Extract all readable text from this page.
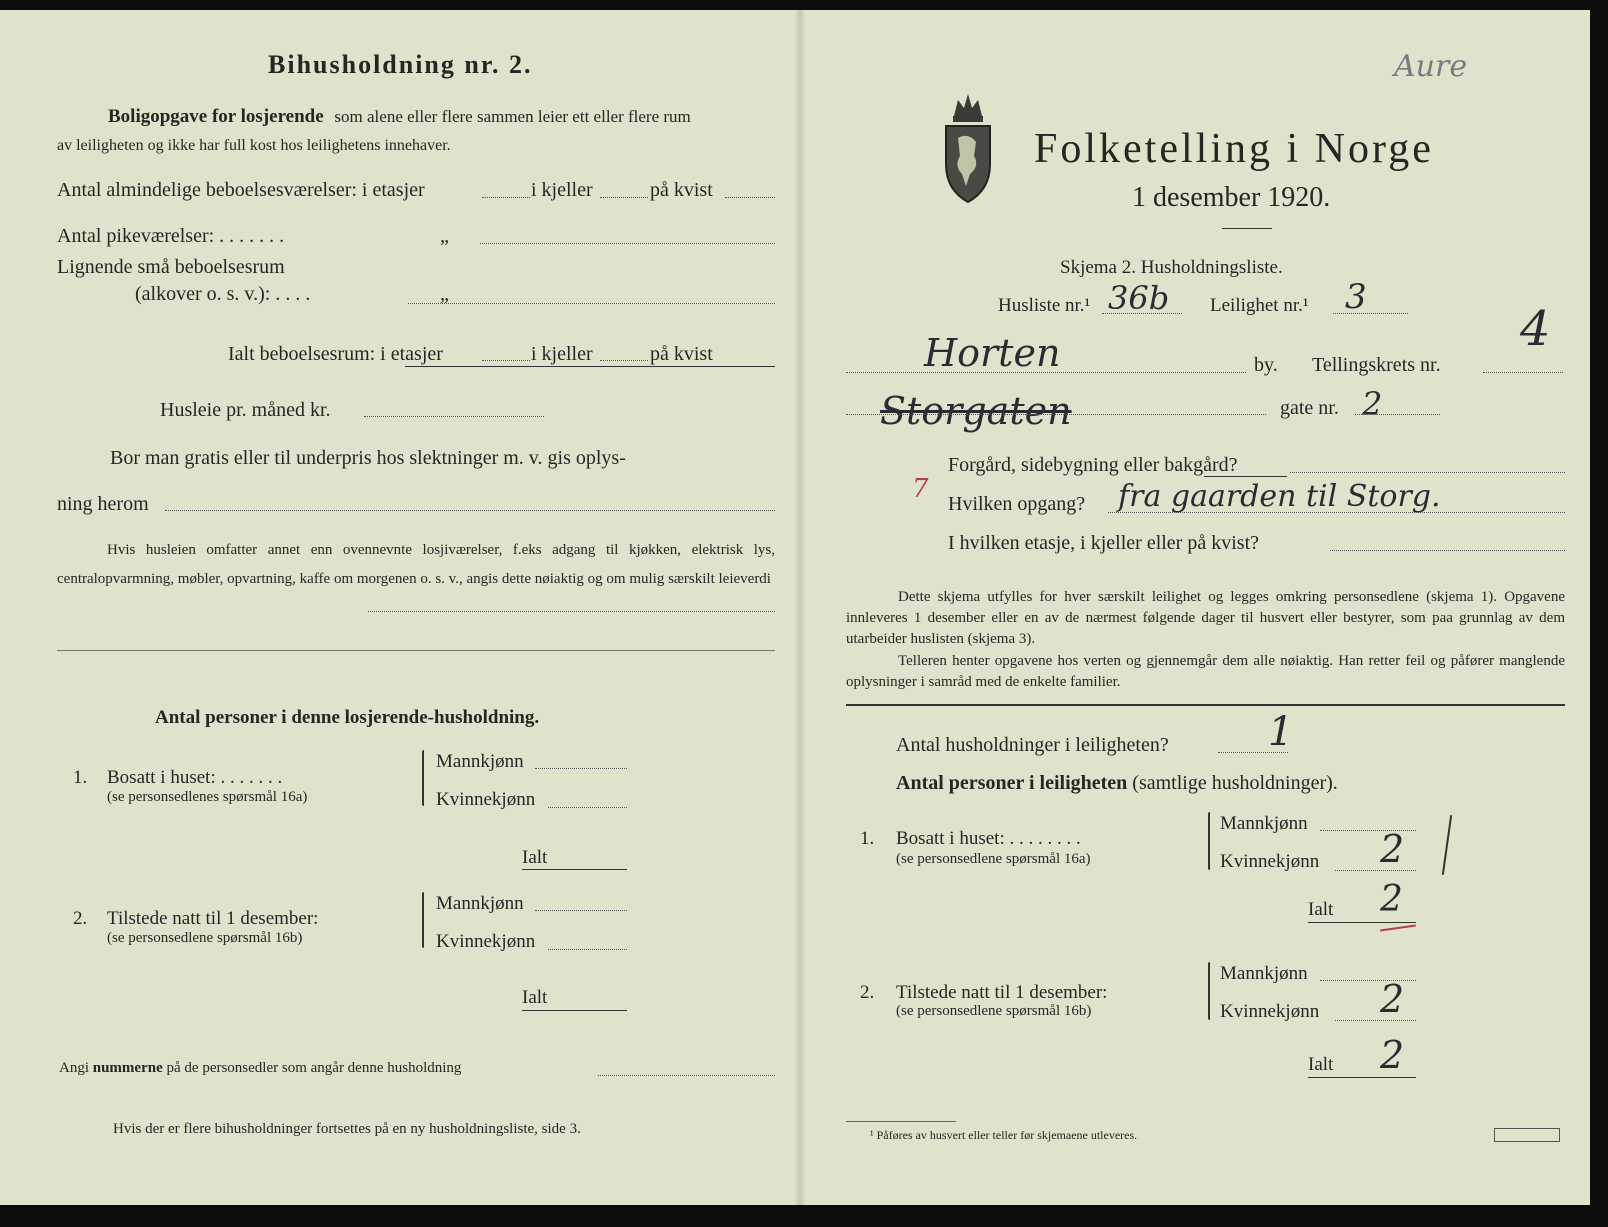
Bihusholdning nr. 2.
Boligopgave for losjerende som alene eller flere sammen leier ett eller flere rum
av leiligheten og ikke har full kost hos leilighetens innehaver.
Antal almindelige beboelsesværelser: i etasjer	i kjeller	på kvist
Antal pikeværelser: . . . . . . .	„
Lignende små beboelsesrum
(alkover o. s. v.): . . . .	„
Ialt beboelsesrum: i etasjer	i kjeller	på kvist
Husleie pr. måned kr.
Bor man gratis eller til underpris hos slektninger m. v. gis oplys-
ning herom
Hvis husleien omfatter annet enn ovennevnte losjiværelser, f.eks adgang til kjøkken, elektrisk lys, centralopvarmning, møbler, opvartning, kaffe om morgenen o. s. v., angis dette nøiaktig og om mulig særskilt leieverdi
Antal personer i denne losjerende-husholdning.
1. Bosatt i huset: . . . . . . .
(se personsedlenes spørsmål 16a)
Mannkjønn
Kvinnekjønn
Ialt
2. Tilstede natt til 1 desember:
(se personsedlene spørsmål 16b)
Mannkjønn
Kvinnekjønn
Ialt
Angi nummerne på de personsedler som angår denne husholdning
Hvis der er flere bihusholdninger fortsettes på en ny husholdningsliste, side 3.
Folketelling i Norge
1 desember 1920.
Skjema 2. Husholdningsliste.
Husliste nr.¹ 36b Leilighet nr.¹ 3
Horten	by. Tellingskrets nr.
4
Storgaten	gate nr. 2
Forgård, sidebygning eller bakgård?
7 Hvilken opgang? fra gaarden til Storg.
I hvilken etasje, i kjeller eller på kvist?
Dette skjema utfylles for hver særskilt leilighet og legges omkring personsedlene (skjema 1). Opgavene innleveres 1 desember eller en av de nærmest følgende dager til husvert eller bestyrer, som paa grunnlag av dem utarbeider huslisten (skjema 3).
Telleren henter opgavene hos verten og gjennemgår dem alle nøiaktig. Han retter feil og påfører manglende oplysninger i samråd med de enkelte familier.
Antal husholdninger i leiligheten? 1
Antal personer i leiligheten (samtlige husholdninger).
1. Bosatt i huset: . . . . . . . .
(se personsedlene spørsmål 16a)
Mannkjønn
Kvinnekjønn 2
Ialt 2
2. Tilstede natt til 1 desember:
(se personsedlene spørsmål 16b)
Mannkjønn
Kvinnekjønn 2
Ialt 2
¹ Påføres av husvert eller teller før skjemaene utleveres.
Aure
